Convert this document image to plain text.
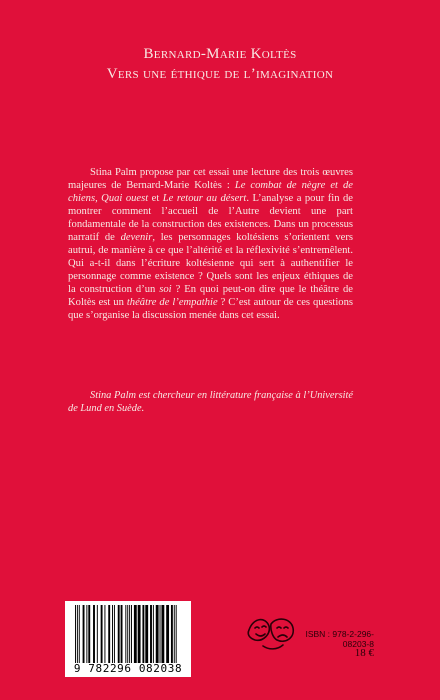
Bernard-Marie Koltès
Vers une éthique de l’imagination

Stina Palm propose par cet essai une lecture des trois œuvres majeures de Bernard-Marie Koltès : Le combat de nègre et de chiens, Quai ouest et Le retour au désert. L’analyse a pour fin de montrer comment l’accueil de l’Autre devient une part fondamentale de la construction des existences. Dans un processus narratif de devenir, les personnages koltésiens s’orientent vers autrui, de manière à ce que l’altérité et la réflexivité s’entremêlent. Qui a-t-il dans l’écriture koltésienne qui sert à authentifier le personnage comme existence ? Quels sont les enjeux éthiques de la construction d’un soi ? En quoi peut-on dire que le théâtre de Koltès est un théâtre de l’empathie ? C’est autour de ces questions que s’organise la discussion menée dans cet essai.

Stina Palm est chercheur en littérature française à l’Université de Lund en Suède.
9 782296 082038
ISBN : 978-2-296-08203-8
18 €
